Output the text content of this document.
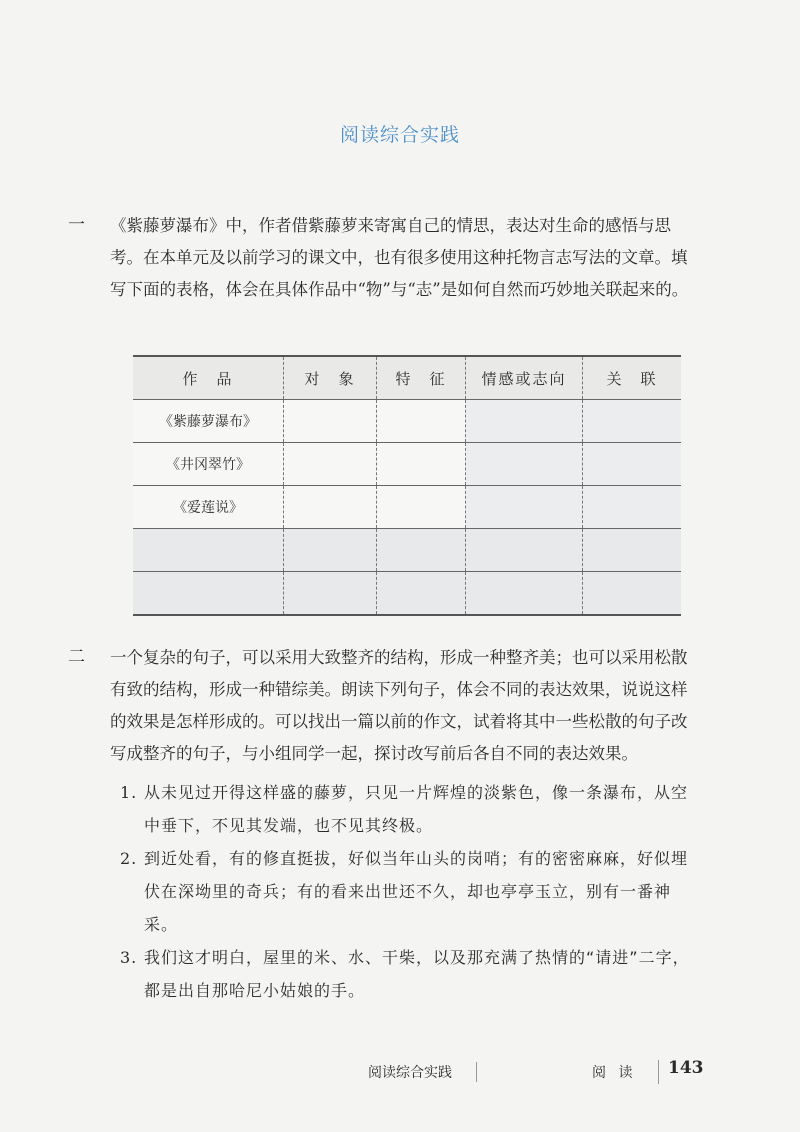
阅读综合实践
一 《紫藤萝瀑布》中，作者借紫藤萝来寄寓自己的情思，表达对生命的感悟与思考。在本单元及以前学习的课文中，也有很多使用这种托物言志写法的文章。填写下面的表格，体会在具体作品中“物”与“志”是如何自然而巧妙地关联起来的。
作　品	对　象	特　征	情感或志向	关　联
《紫藤萝瀑布》				
《井冈翠竹》				
《爱莲说》				

二 一个复杂的句子，可以采用大致整齐的结构，形成一种整齐美；也可以采用松散有致的结构，形成一种错综美。朗读下列句子，体会不同的表达效果，说说这样的效果是怎样形成的。可以找出一篇以前的作文，试着将其中一些松散的句子改写成整齐的句子，与小组同学一起，探讨改写前后各自不同的表达效果。
1. 从未见过开得这样盛的藤萝，只见一片辉煌的淡紫色，像一条瀑布，从空中垂下，不见其发端，也不见其终极。
2. 到近处看，有的修直挺拔，好似当年山头的岗哨；有的密密麻麻，好似埋伏在深坳里的奇兵；有的看来出世还不久，却也亭亭玉立，别有一番神采。
3. 我们这才明白，屋里的米、水、干柴，以及那充满了热情的“请进”二字，都是出自那哈尼小姑娘的手。
阅读综合实践	阅 读 143
